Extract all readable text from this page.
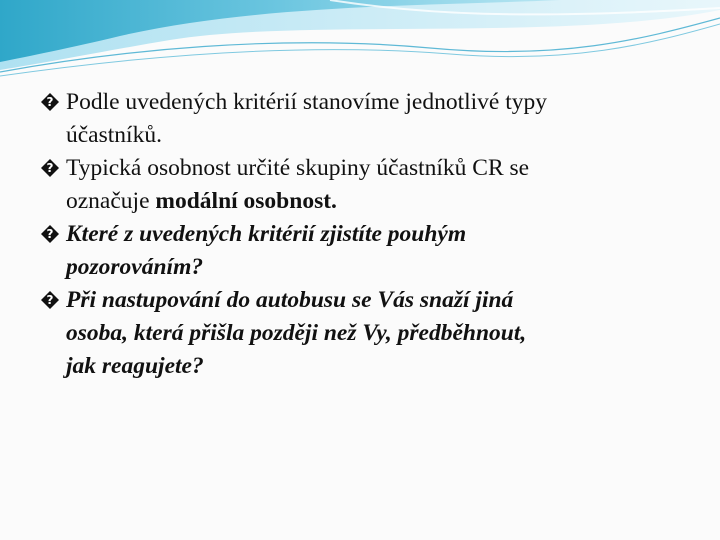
? Podle uvedených kritérií stanovíme jednotlivé typy
účastníků.
? Typická osobnost určité skupiny účastníků CR se
označuje modální osobnost.
? Které z uvedených kritérií zjistíte pouhým
pozorováním?
? Při nastupování do autobusu se Vás snaží jiná
osoba, která přišla později než Vy, předběhnout,
jak reagujete?
